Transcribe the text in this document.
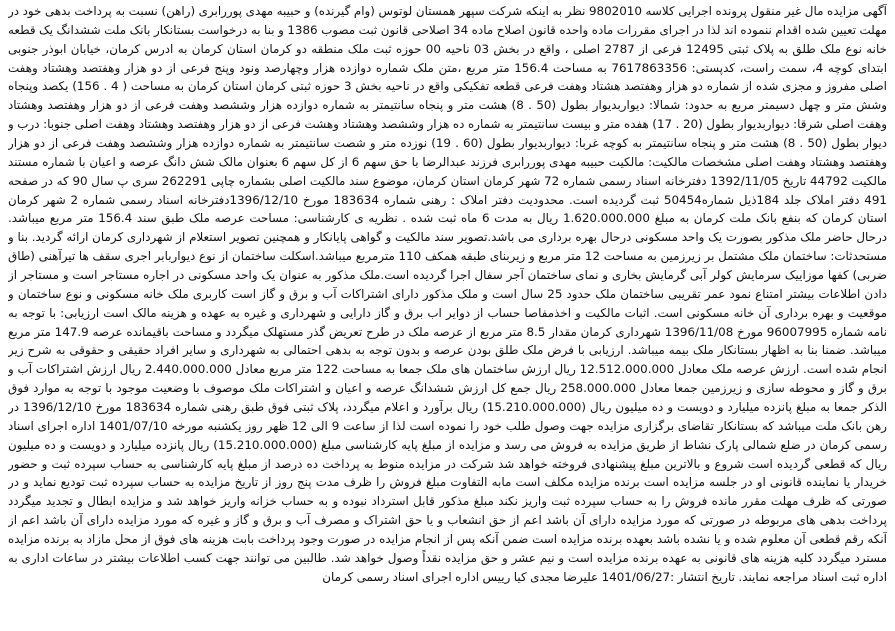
آگهی مزایده مال غیر منقول پرونده اجرایی کلاسه 9802010 نظر به اینکه شرکت سپهر همستان لوتوس (وام گیرنده) و حبیبه مهدی پوررابری (راهن) نسبت به پرداخت بدهی خود در مهلت تعیین شده اقدام ننموده اند لذا در اجرای مقررات ماده واحده قانون اصلاح ماده 34 اصلاحی قانون ثبت مصوب 1386 و بنا به درخواست بستانکار بانک ملت ششدانگ یک قطعه خانه نوع ملک طلق به پلاک ثبتی 12495 فرعی از 2787 اصلی ، واقع در بخش 03 ناحیه 00 حوزه ثبت ملک منطقه دو کرمان استان کرمان به ادرس کرمان، خیابان ابوذر جنوبی ابتدای کوچه 4، سمت راست، کدپستی: 7617863356 به مساحت 156.4 متر مربع ،متن ملک شماره دوازده هزار وچهارصد ونود وپنج فرعی از دو هزار وهفتصد وهشتاد وهفت اصلی مفروز و مجزی شده از شماره دو هزار وهفتصد هشتاد وهفت فرعی قطعه تفکیکی واقع در ناحیه بخش 3 حوزه ثبتی کرمان استان کرمان به مساحت ( 4 . 156) یکصد وپنجاه وشش متر و چهل دسیمتر مربع به حدود: شمالا: دیواربدیوار بطول (50 . 8) هشت متر و پنجاه سانتیمتر به شماره دوازده هزار وششصد وهفت فرعی از دو هزار وهفتصد وهشتاد وهفت اصلی شرقا: دیواربدیوار بطول (20 . 17) هفده متر و بیست سانتیمتر به شماره ده هزار وششصد وهشتاد وهشت فرعی از دو هزار وهفتصد وهشتاد وهفت اصلی جنوبا: درب و دیوار بطول (50 . 8) هشت متر و پنجاه سانتیمتر به کوچه غربا: دیواربدیوار بطول (60 . 19) نوزده متر و شصت سانتیمتر به شماره دوازده هزار وششصد وهفت فرعی از دو هزار وهفتصد وهشتاد وهفت اصلی مشخصات مالکیت: مالکیت حبیبه مهدی پوررابری فرزند عبدالرضا با حق سهم 6 از کل سهم 6 بعنوان مالک شش دانگ عرصه و اعیان با شماره مستند مالکیت 44792 تاریخ 1392/11/05 دفترخانه اسناد رسمی شماره 72 شهر کرمان استان کرمان، موضوع سند مالکیت اصلی بشماره چاپی 262291 سری پ سال 90 که در صفحه 491 دفتر املاک جلد 184ذیل شماره50454 ثبت گردیده است. محدودیت دفتر املاک : رهنی شماره 183634 مورخ 1396/12/10دفترخانه اسناد رسمی شماره 2 شهر کرمان استان کرمان که بنفع بانک ملت کرمان به مبلغ 1.620.000.000 ریال به مدت 6 ماه ثبت شده . نظریه ی کارشناسی: مساحت عرصه ملک طبق سند 156.4 متر مربع میباشد. درحال حاضر ملک مذکور بصورت یک واحد مسکونی درحال بهره برداری می باشد.تصویر سند مالکیت و گواهی پایانکار و همچنین تصویر استعلام از شهرداری کرمان ارائه گردید. بنا و مستحدثات: ساختمان ملک مشتمل بر زیرزمین به مساحت 12 متر مربع و زیربنای طبقه همکف 110 مترمربع میباشد.اسکلت ساختمان از نوع دیواربابر اجری سقف ها تیرآهنی (طاق ضربی) کفها موزاییک سرمایش کولر آبی گرمایش بخاری و نمای ساختمان آجر سفال اجرا گردیده است.ملک مذکور به عنوان یک واحد مسکونی در اجاره مستاجر است و مستاجر از دادن اطلاعات بیشتر امتناع نمود عمر تقریبی ساختمان ملک حدود 25 سال است و ملک مذکور دارای اشتراکات آب و برق و گاز است کاربری ملک خانه مسکونی و نوع ساختمان و موقعیت و بهره برداری آن خانه مسکونی است. اثبات مالکیت و اخذمفاصا حساب از دوایر اب برق و گاز دارایی و شهرداری و غیره به عهده و هزینه مالک است ارزیابی: با توجه به نامه شماره 96007995 مورخ 1396/11/08 شهرداری کرمان مقدار 8.5 متر مربع از عرصه ملک در طرح تعریض گذر مستهلک میگردد و مساحت باقیمانده عرصه 147.9 متر مربع میباشد. ضمنا بنا به اظهار بستانکار ملک بیمه میباشد. ارزیابی با فرض ملک طلق بودن عرصه و بدون توجه به بدهی احتمالی به شهرداری و سایر افراد حقیقی و حقوقی به شرح زیر انجام شده است. ارزش عرصه ملک معادل 12.512.000.000 ریال ارزش ساختمان های ملک جمعا به مساحت 122 متر مربع معادل 2.440.000.000 ریال ارزش اشتراکات آب و برق و گاز و محوطه سازی و زیرزمین جمعا معادل 258.000.000 ریال جمع کل ارزش ششدانگ عرصه و اعیان و اشتراکات ملک موصوف با وضعیت موجود با توجه به موارد فوق الذکر جمعا به مبلغ پانزده میلیارد و دویست و ده میلیون ریال (15.210.000.000) ریال برآورد و اعلام میگردد، پلاک ثبتی فوق طبق رهنی شماره 183634 مورخ 1396/12/10 در رهن بانک ملت میباشد که بستانکار تقاضای برگزاری مزایده جهت وصول طلب خود را نموده است لذا از ساعت 9 الی 12 ظهر روز یکشنبه مورخه 1401/07/10 اداره اجرای اسناد رسمی کرمان در ضلع شمالی پارک نشاط از طریق مزایده به فروش می رسد و مزایده از مبلغ پایه کارشناسی مبلغ (15.210.000.000) ریال پانزده میلیارد و دویست و ده میلیون ریال که قطعی گردیده است شروع و بالاترین مبلغ پیشنهادی فروخته خواهد شد شرکت در مزایده منوط به پرداخت ده درصد از مبلغ پایه کارشناسی به حساب سپرده ثبت و حضور خریدار یا نماینده قانونی او در جلسه مزایده است برنده مزایده مکلف است مابه التفاوت مبلغ فروش را ظرف مدت پنج روز از تاریخ مزایده به حساب سپرده ثبت تودیع نماید و در صورتی که ظرف مهلت مقرر مانده فروش را به حساب سپرده ثبت واریز نکند مبلغ مذکور قابل استرداد نبوده و به حساب خزانه واریز خواهد شد و مزایده ابطال و تجدید میگردد پرداخت بدهی های مربوطه در صورتی که مورد مزایده دارای آن باشد اعم از حق انشعاب و یا حق اشتراک و مصرف آب و برق و گاز و غیره که مورد مزایده دارای آن باشد اعم از آنکه رقم قطعی آن معلوم شده و یا نشده باشد بعهده برنده مزایده است ضمن آنکه پس از انجام مزایده در صورت وجود پرداخت بابت هزینه های فوق از محل مازاد به برنده مزایده مسترد میگردد کلیه هزینه های قانونی به عهده برنده مزایده است و نیم عشر و حق مزایده نقداً وصول خواهد شد. طالبین می توانند جهت کسب اطلاعات بیشتر در ساعات اداری به اداره ثبت اسناد مراجعه نمایند. تاریخ انتشار :1401/06/27 علیرضا مجدی کیا رییس اداره اجرای اسناد رسمی کرمان
